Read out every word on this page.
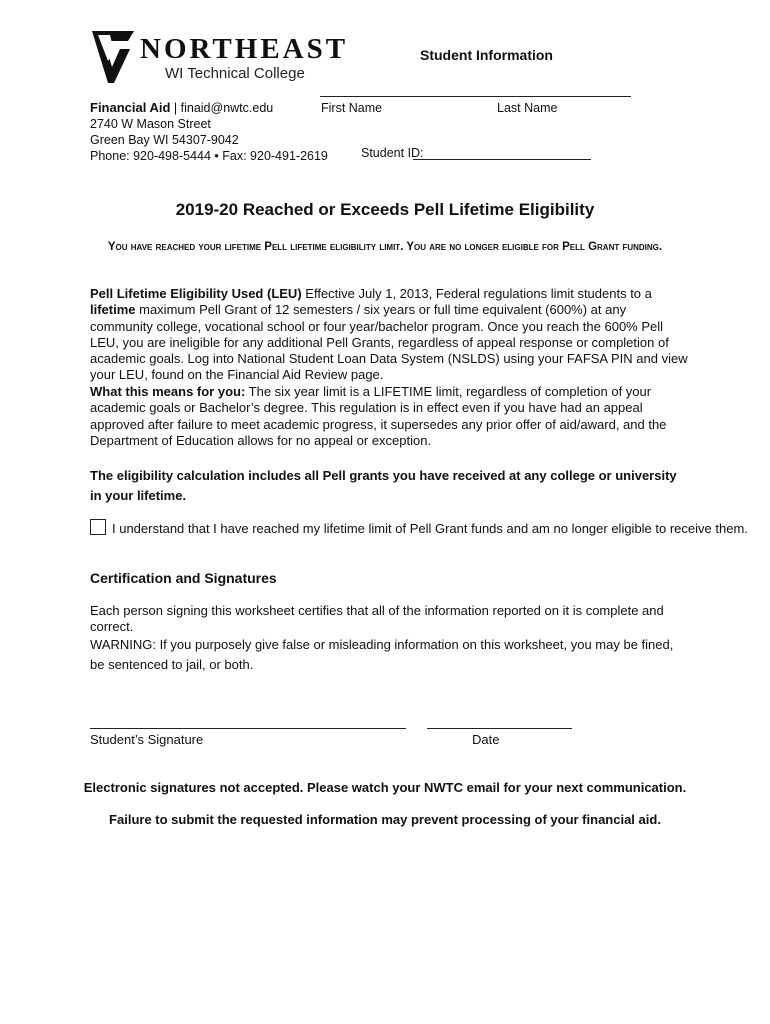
NORTHEAST
WI Technical College
Student Information
First Name	Last Name
Student ID:
Financial Aid | finaid@nwtc.edu
2740 W Mason Street
Green Bay WI 54307-9042
Phone: 920-498-5444 • Fax: 920-491-2619
2019-20 Reached or Exceeds Pell Lifetime Eligibility
You have reached your lifetime Pell lifetime eligibility limit. You are no longer eligible for Pell Grant funding.
Pell Lifetime Eligibility Used (LEU) Effective July 1, 2013, Federal regulations limit students to a lifetime maximum Pell Grant of 12 semesters / six years or full time equivalent (600%) at any community college, vocational school or four year/bachelor program. Once you reach the 600% Pell LEU, you are ineligible for any additional Pell Grants, regardless of appeal response or completion of academic goals. Log into National Student Loan Data System (NSLDS) using your FAFSA PIN and view your LEU, found on the Financial Aid Review page.
What this means for you: The six year limit is a LIFETIME limit, regardless of completion of your academic goals or Bachelor’s degree. This regulation is in effect even if you have had an appeal approved after failure to meet academic progress, it supersedes any prior offer of aid/award, and the Department of Education allows for no appeal or exception.
The eligibility calculation includes all Pell grants you have received at any college or university in your lifetime.
I understand that I have reached my lifetime limit of Pell Grant funds and am no longer eligible to receive them.
Certification and Signatures
Each person signing this worksheet certifies that all of the information reported on it is complete and correct.
WARNING: If you purposely give false or misleading information on this worksheet, you may be fined, be sentenced to jail, or both.
Student’s Signature	Date
Electronic signatures not accepted. Please watch your NWTC email for your next communication.
Failure to submit the requested information may prevent processing of your financial aid.
